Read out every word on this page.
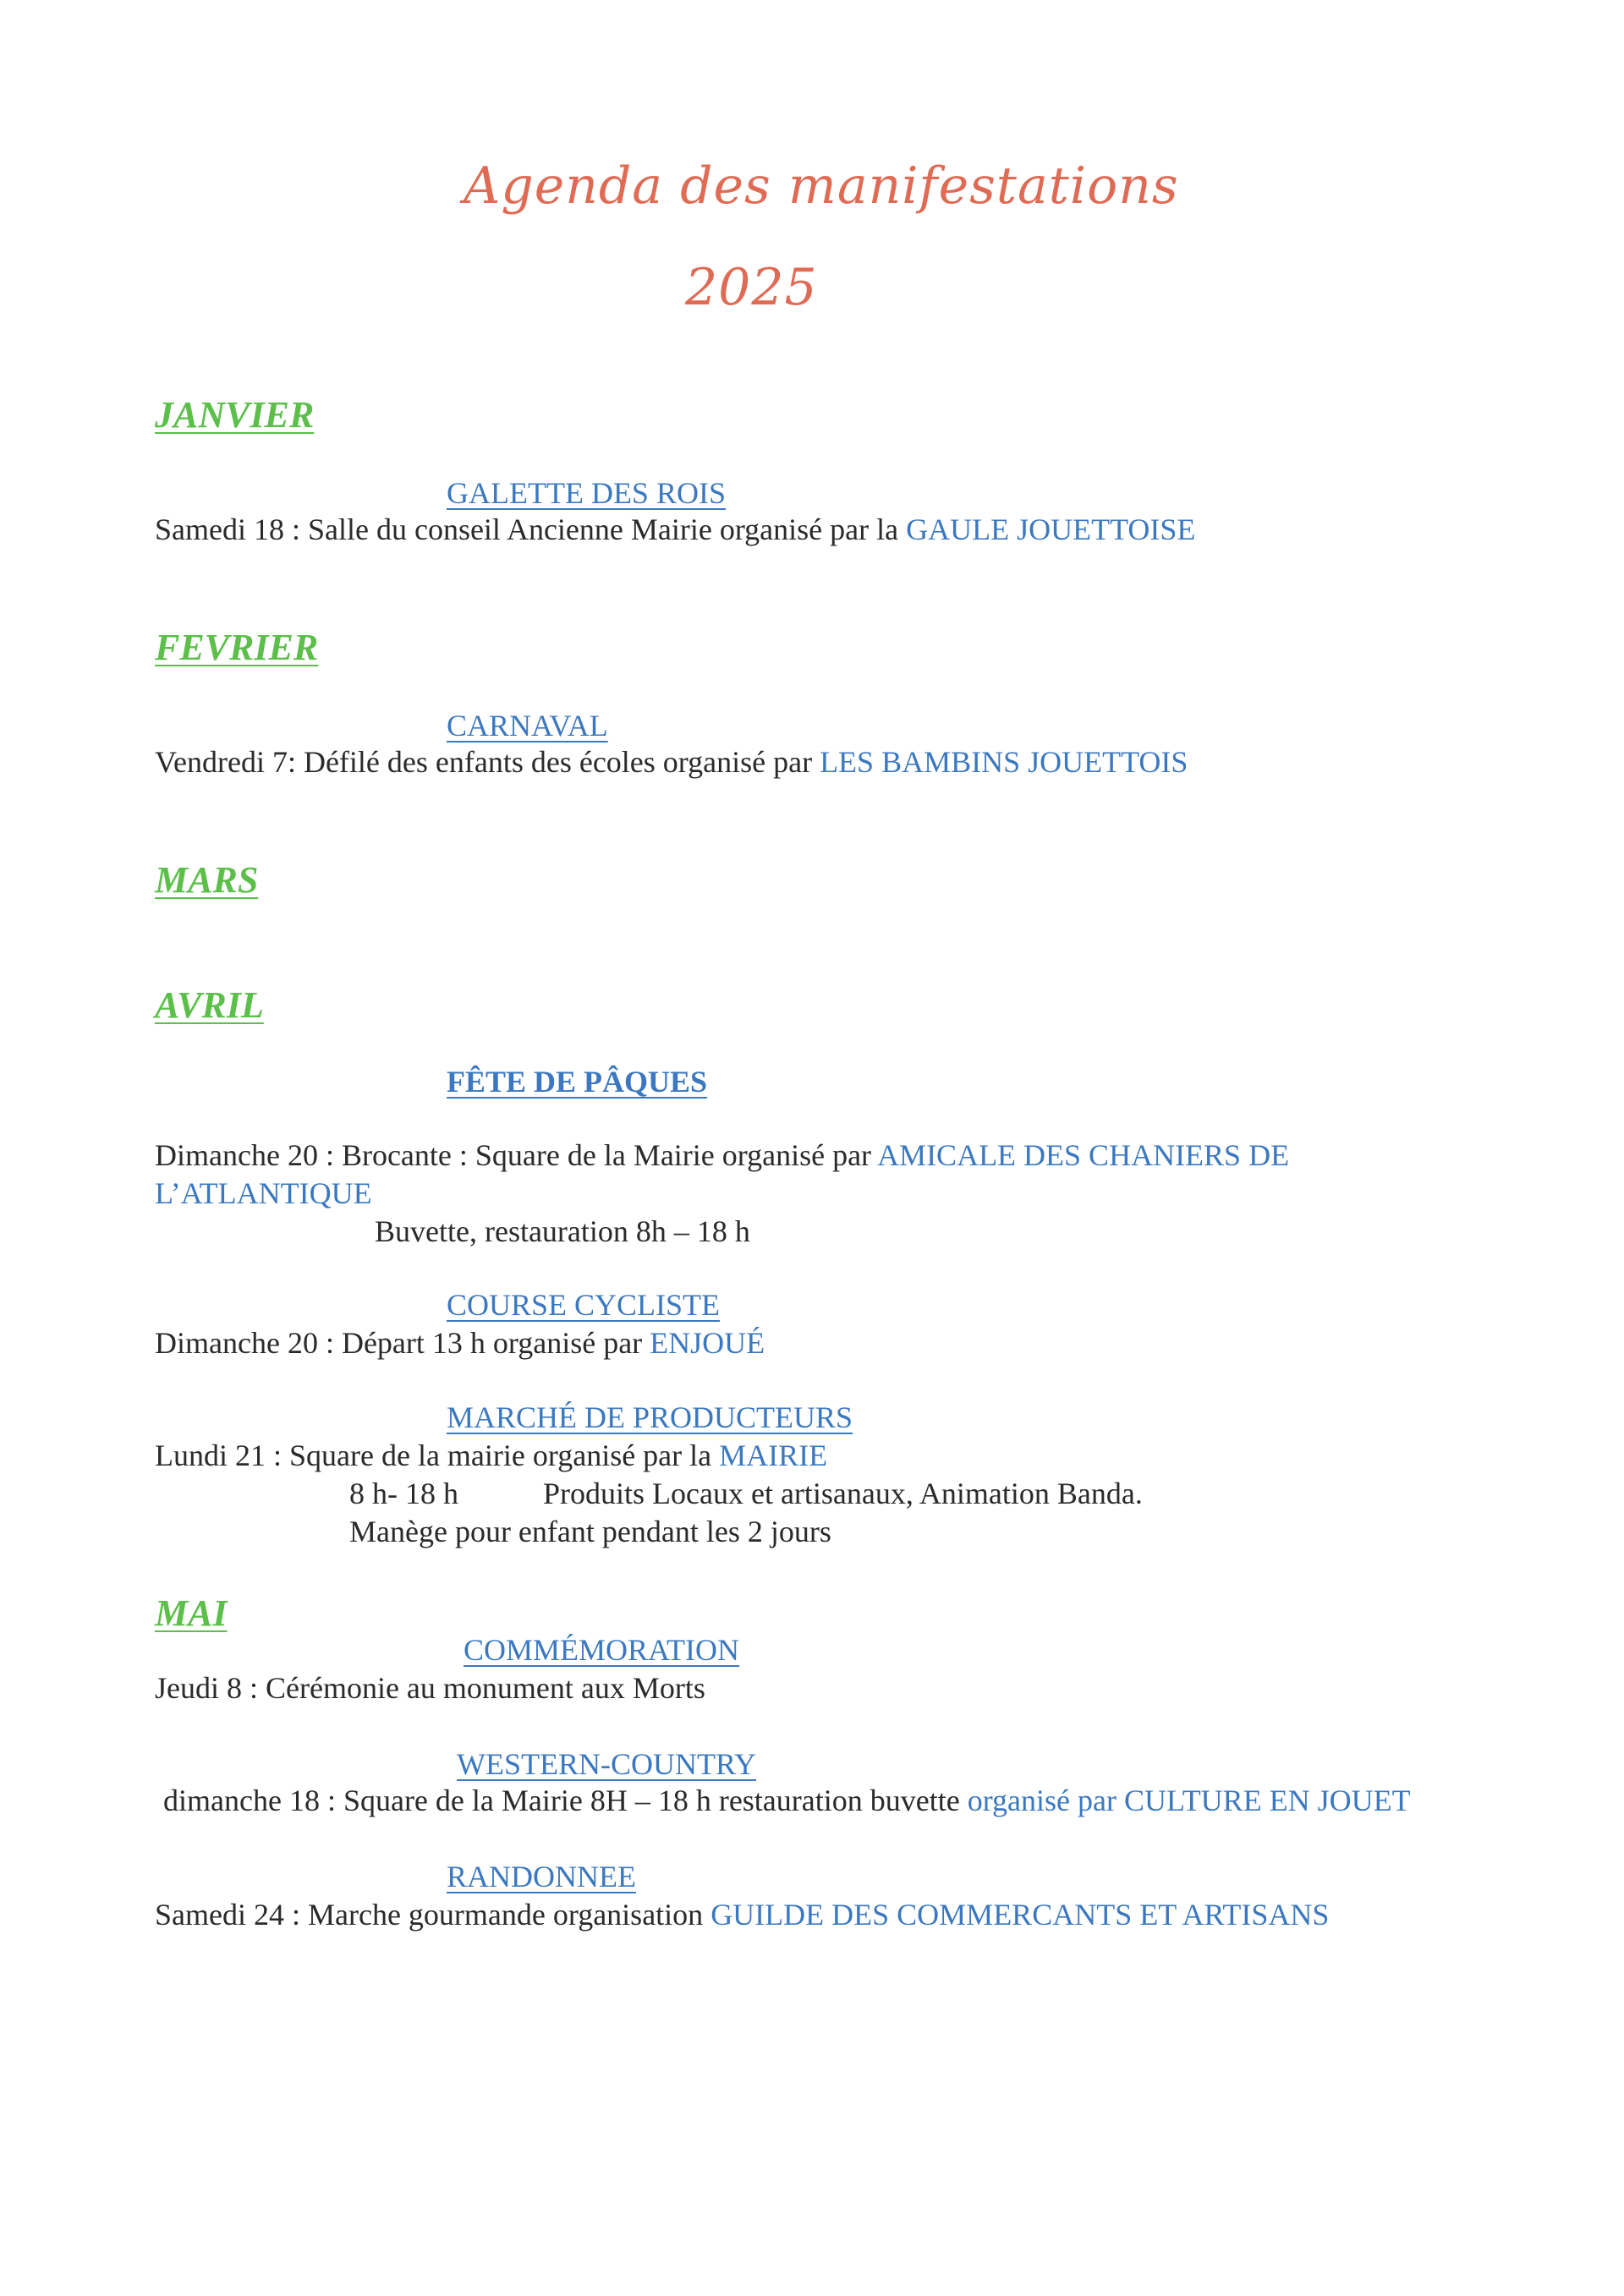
Agenda des manifestations
2025
JANVIER
GALETTE DES ROIS
Samedi 18 : Salle du conseil Ancienne Mairie organisé par la GAULE JOUETTOISE
FEVRIER
CARNAVAL
Vendredi 7: Défilé des enfants des écoles organisé par LES BAMBINS JOUETTOIS
MARS
AVRIL
FÊTE DE PÂQUES
Dimanche 20 : Brocante : Square de la Mairie organisé par AMICALE DES CHANIERS DE
L’ATLANTIQUE
Buvette, restauration 8h – 18 h
COURSE CYCLISTE
Dimanche 20 : Départ 13 h organisé par ENJOUÉ
MARCHÉ DE PRODUCTEURS
Lundi 21 : Square de la mairie organisé par la MAIRIE
8 h- 18 h	Produits Locaux et artisanaux, Animation Banda.
Manège pour enfant pendant les 2 jours
MAI
COMMÉMORATION
Jeudi 8 : Cérémonie au monument aux Morts
WESTERN-COUNTRY
dimanche 18 : Square de la Mairie 8H – 18 h restauration buvette organisé par CULTURE EN JOUET
RANDONNEE
Samedi 24 : Marche gourmande organisation GUILDE DES COMMERCANTS ET ARTISANS
